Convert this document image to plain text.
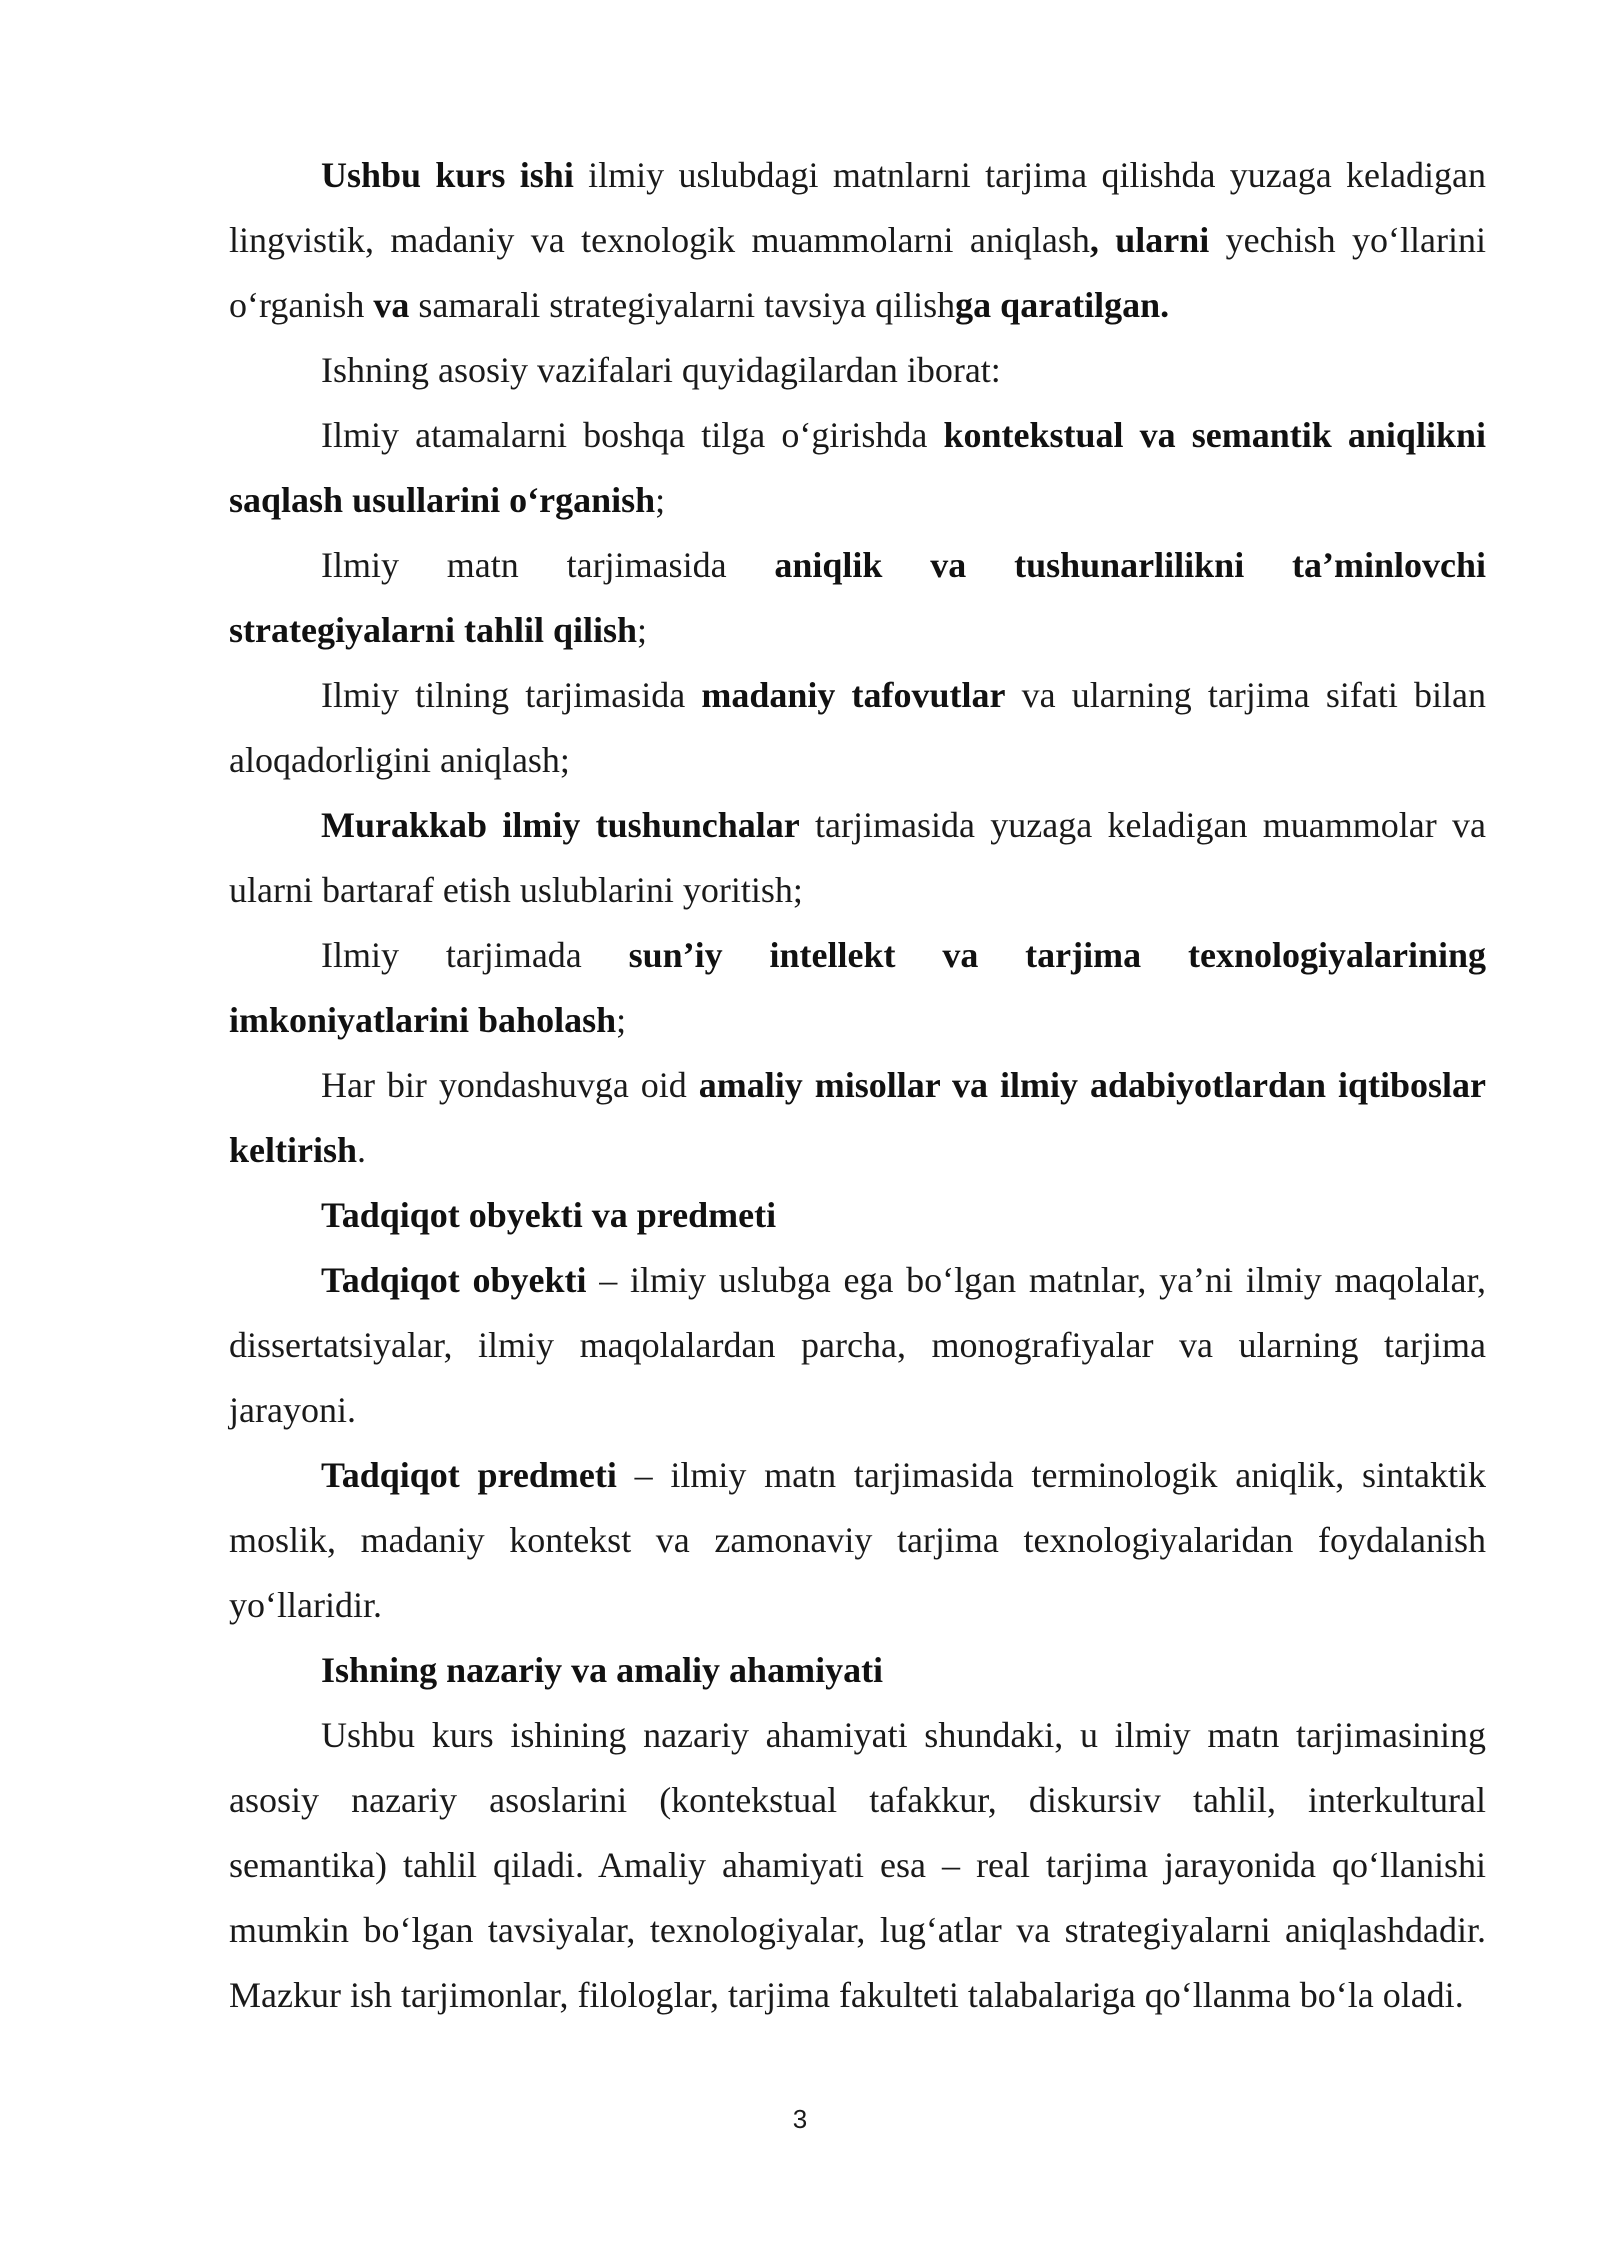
Ushbu kurs ishi ilmiy uslubdagi matnlarni tarjima qilishda yuzaga keladigan lingvistik, madaniy va texnologik muammolarni aniqlash, ularni yechish yo‘llarini o‘rganish va samarali strategiyalarni tavsiya qilishga qaratilgan.

Ishning asosiy vazifalari quyidagilardan iborat:

Ilmiy atamalarni boshqa tilga o‘girishda kontekstual va semantik aniqlikni saqlash usullarini o‘rganish;

Ilmiy matn tarjimasida aniqlik va tushunarlilikni ta’minlovchi strategiyalarni tahlil qilish;

Ilmiy tilning tarjimasida madaniy tafovutlar va ularning tarjima sifati bilan aloqadorligini aniqlash;

Murakkab ilmiy tushunchalar tarjimasida yuzaga keladigan muammolar va ularni bartaraf etish uslublarini yoritish;

Ilmiy tarjimada sun’iy intellekt va tarjima texnologiyalarining imkoniyatlarini baholash;

Har bir yondashuvga oid amaliy misollar va ilmiy adabiyotlardan iqtiboslar keltirish.

Tadqiqot obyekti va predmeti

Tadqiqot obyekti – ilmiy uslubga ega bo‘lgan matnlar, ya’ni ilmiy maqolalar, dissertatsiyalar, ilmiy maqolalardan parcha, monografiyalar va ularning tarjima jarayoni.

Tadqiqot predmeti – ilmiy matn tarjimasida terminologik aniqlik, sintaktik moslik, madaniy kontekst va zamonaviy tarjima texnologiyalaridan foydalanish yo‘llaridir.

Ishning nazariy va amaliy ahamiyati

Ushbu kurs ishining nazariy ahamiyati shundaki, u ilmiy matn tarjimasining asosiy nazariy asoslarini (kontekstual tafakkur, diskursiv tahlil, interkultural semantika) tahlil qiladi. Amaliy ahamiyati esa – real tarjima jarayonida qo‘llanishi mumkin bo‘lgan tavsiyalar, texnologiyalar, lug‘atlar va strategiyalarni aniqlashdadir. Mazkur ish tarjimonlar, filologlar, tarjima fakulteti talabalariga qo‘llanma bo‘la oladi.

3
